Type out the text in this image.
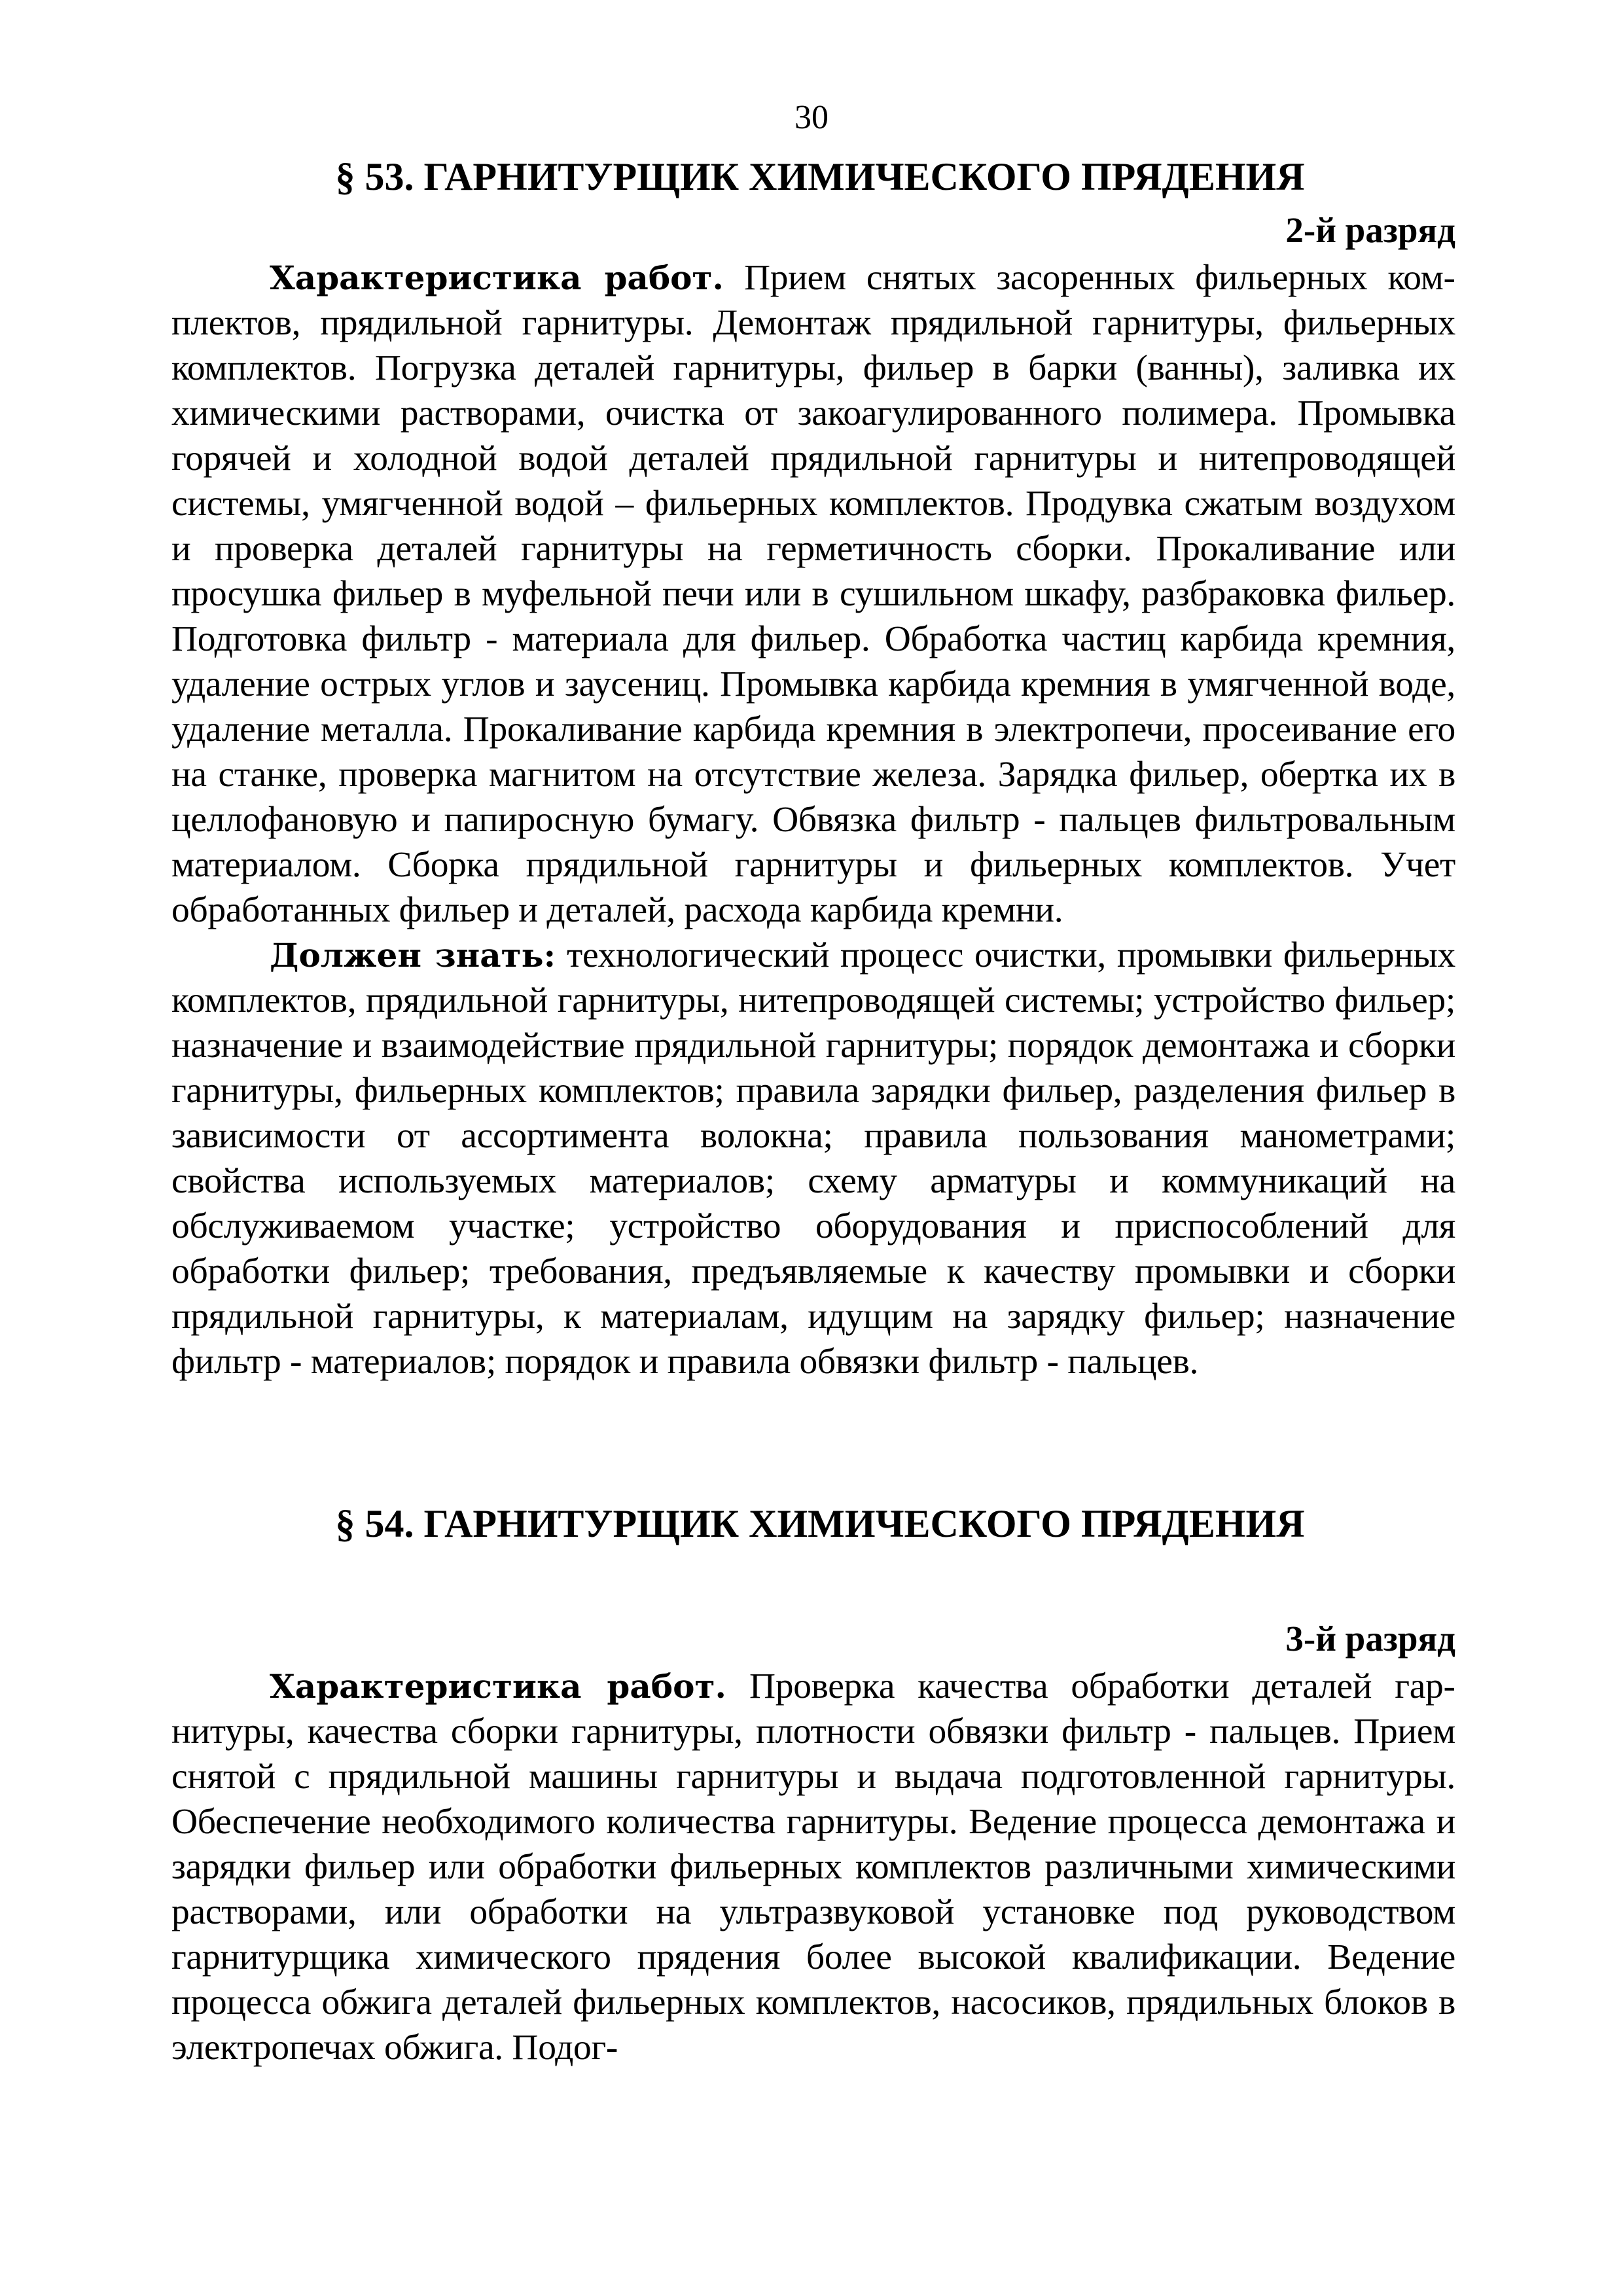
30
§ 53. ГАРНИТУРЩИК ХИМИЧЕСКОГО ПРЯДЕНИЯ
2-й разряд

Характеристика работ. Прием снятых засоренных фильерных комплектов, прядильной гарнитуры. Демонтаж прядильной гарнитуры, фильерных комплектов. Погрузка деталей гарнитуры, фильер в барки (ванны), заливка их химическими растворами, очистка от закоагулированного полимера. Промывка горячей и холодной водой деталей прядильной гарнитуры и нитепроводящей системы, умягченной водой – фильерных комплектов. Продувка сжатым воздухом и проверка деталей гарнитуры на герметичность сборки. Прокаливание или просушка фильер в муфельной печи или в сушильном шкафу, разбраковка фильер. Подготовка фильтр - материала для фильер. Обработка частиц карбида кремния, удаление острых углов и заусениц. Промывка карбида кремния в умягченной воде, удаление металла. Прокаливание карбида кремния в электропечи, просеивание его на станке, проверка магнитом на отсутствие железа. Зарядка фильер, обертка их в целлофановую и папиросную бумагу. Обвязка фильтр - пальцев фильтровальным материалом. Сборка прядильной гарнитуры и фильерных комплектов. Учет обработанных фильер и деталей, расхода карбида кремни.

Должен знать: технологический процесс очистки, промывки фильерных комплектов, прядильной гарнитуры, нитепроводящей системы; устройство фильер; назначение и взаимодействие прядильной гарнитуры; порядок демонтажа и сборки гарнитуры, фильерных комплектов; правила зарядки фильер, разделения фильер в зависимости от ассортимента волокна; правила пользования манометрами; свойства используемых материалов; схему арматуры и коммуникаций на обслуживаемом участке; устройство оборудования и приспособлений для обработки фильер; требования, предъявляемые к качеству промывки и сборки прядильной гарнитуры, к материалам, идущим на зарядку фильер; назначение фильтр - материалов; порядок и правила обвязки фильтр - пальцев.

§ 54. ГАРНИТУРЩИК ХИМИЧЕСКОГО ПРЯДЕНИЯ
3-й разряд

Характеристика работ. Проверка качества обработки деталей гарнитуры, качества сборки гарнитуры, плотности обвязки фильтр - пальцев. Прием снятой с прядильной машины гарнитуры и выдача подготовленной гарнитуры. Обеспечение необходимого количества гарнитуры. Ведение процесса демонтажа и зарядки фильер или обработки фильерных комплектов различными химическими растворами, или обработки на ультразвуковой установке под руководством гарнитурщика химического прядения более высокой квалификации. Ведение процесса обжига деталей фильерных комплектов, насосиков, прядильных блоков в электропечах обжига. Подог-
